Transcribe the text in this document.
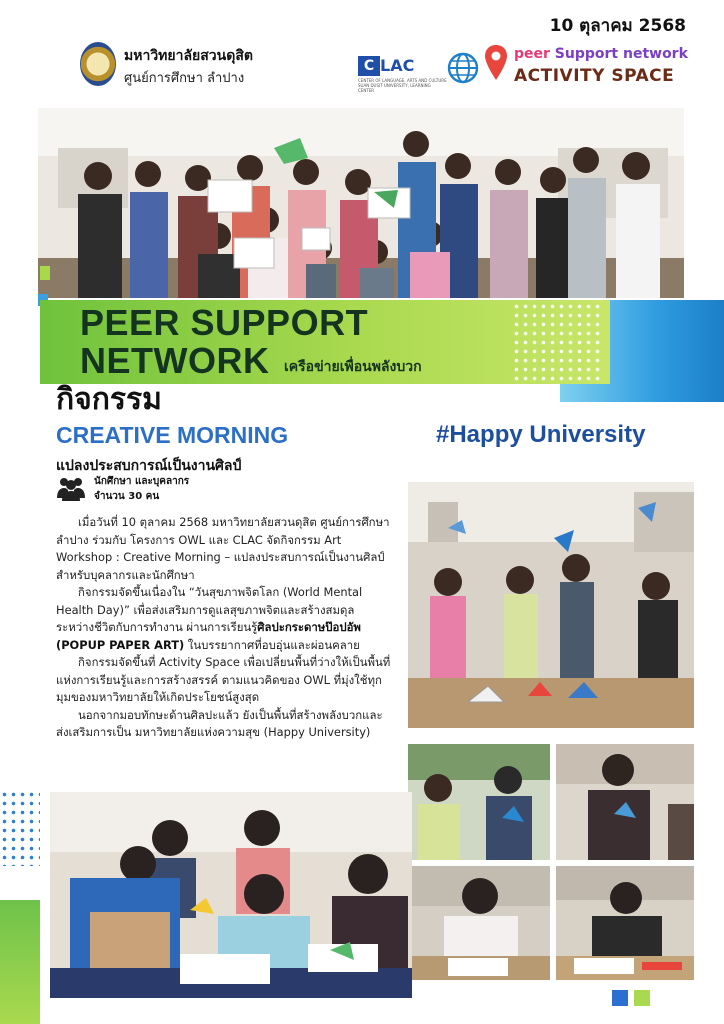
10 ตุลาคม 2568
มหาวิทยาลัยสวนดุสิต
ศูนย์การศึกษา ลำปาง
C LAC
CENTER OF LANGUAGE, ARTS AND CULTURE SUAN DUSIT UNIVERSITY, LEARNING CENTER
peer Support network
ACTIVITY SPACE
PEER SUPPORT
NETWORK เครือข่ายเพื่อนพลังบวก
กิจกรรม
CREATIVE MORNING	#Happy University
แปลงประสบการณ์เป็นงานศิลป์
นักศึกษา และบุคลากร
จำนวน 30 คน

เมื่อวันที่ 10 ตุลาคม 2568 มหาวิทยาลัยสวนดุสิต ศูนย์การศึกษาลำปาง ร่วมกับ โครงการ OWL และ CLAC จัดกิจกรรม Art Workshop : Creative Morning – แปลงประสบการณ์เป็นงานศิลป์ สำหรับบุคลากรและนักศึกษา

กิจกรรมจัดขึ้นเนื่องใน “วันสุขภาพจิตโลก (World Mental Health Day)” เพื่อส่งเสริมการดูแลสุขภาพจิตและสร้างสมดุลระหว่างชีวิตกับการทำงาน ผ่านการเรียนรู้ศิลปะกระดาษป๊อปอัพ (POPUP PAPER ART) ในบรรยากาศที่อบอุ่นและผ่อนคลาย

กิจกรรมจัดขึ้นที่ Activity Space เพื่อเปลี่ยนพื้นที่ว่างให้เป็นพื้นที่แห่งการเรียนรู้และการสร้างสรรค์ ตามแนวคิดของ OWL ที่มุ่งใช้ทุกมุมของมหาวิทยาลัยให้เกิดประโยชน์สูงสุด

นอกจากมอบทักษะด้านศิลปะแล้ว ยังเป็นพื้นที่สร้างพลังบวกและส่งเสริมการเป็น มหาวิทยาลัยแห่งความสุข (Happy University)
